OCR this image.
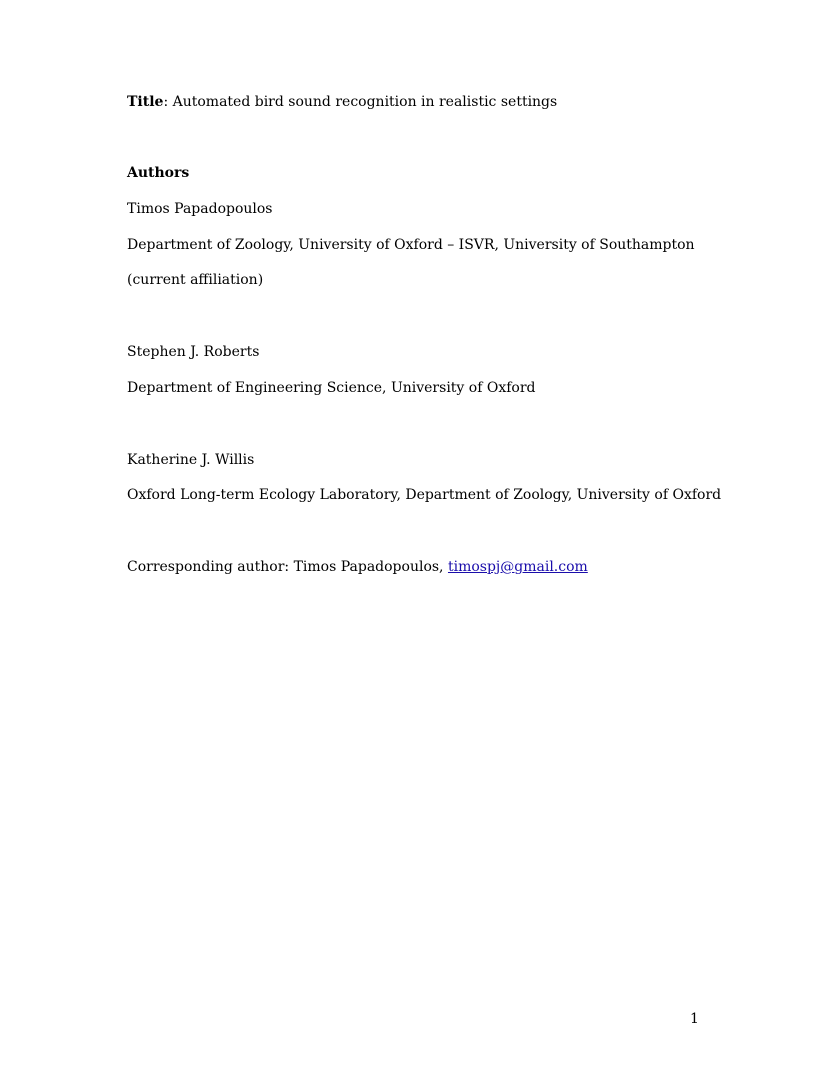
Title: Automated bird sound recognition in realistic settings
Authors
Timos Papadopoulos
Department of Zoology, University of Oxford – ISVR, University of Southampton
(current affiliation)
Stephen J. Roberts
Department of Engineering Science, University of Oxford
Katherine J. Willis
Oxford Long-term Ecology Laboratory, Department of Zoology, University of Oxford
Corresponding author: Timos Papadopoulos, timospj@gmail.com
1
